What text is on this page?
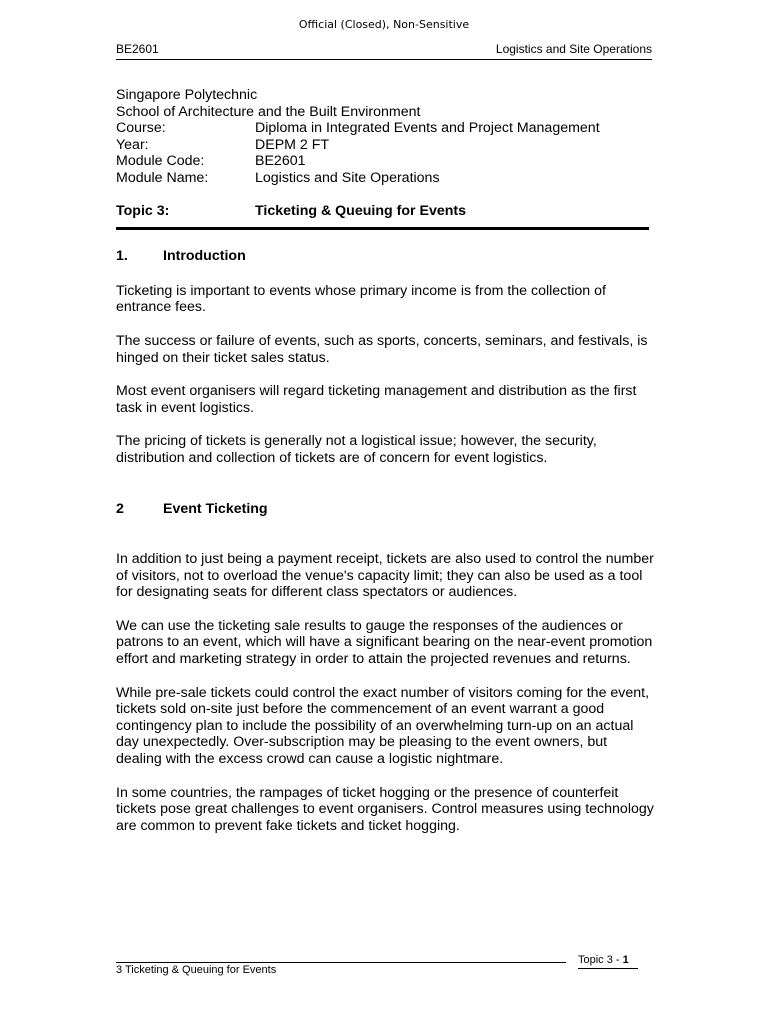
Official (Closed), Non-Sensitive
BE2601	Logistics and Site Operations
Singapore Polytechnic
School of Architecture and the Built Environment
Course:	Diploma in Integrated Events and Project Management
Year:	DEPM 2 FT
Module Code:	BE2601
Module Name:	Logistics and Site Operations
Topic 3:	Ticketing & Queuing for Events
1.	Introduction

Ticketing is important to events whose primary income is from the collection of entrance fees.

The success or failure of events, such as sports, concerts, seminars, and festivals, is hinged on their ticket sales status.

Most event organisers will regard ticketing management and distribution as the first task in event logistics.

The pricing of tickets is generally not a logistical issue; however, the security, distribution and collection of tickets are of concern for event logistics.

2	Event Ticketing

In addition to just being a payment receipt, tickets are also used to control the number of visitors, not to overload the venue's capacity limit; they can also be used as a tool for designating seats for different class spectators or audiences.

We can use the ticketing sale results to gauge the responses of the audiences or patrons to an event, which will have a significant bearing on the near-event promotion effort and marketing strategy in order to attain the projected revenues and returns.

While pre-sale tickets could control the exact number of visitors coming for the event, tickets sold on-site just before the commencement of an event warrant a good contingency plan to include the possibility of an overwhelming turn-up on an actual day unexpectedly. Over-subscription may be pleasing to the event owners, but dealing with the excess crowd can cause a logistic nightmare.

In some countries, the rampages of ticket hogging or the presence of counterfeit tickets pose great challenges to event organisers. Control measures using technology are common to prevent fake tickets and ticket hogging.

3 Ticketing & Queuing for Events
Topic 3 - 1
